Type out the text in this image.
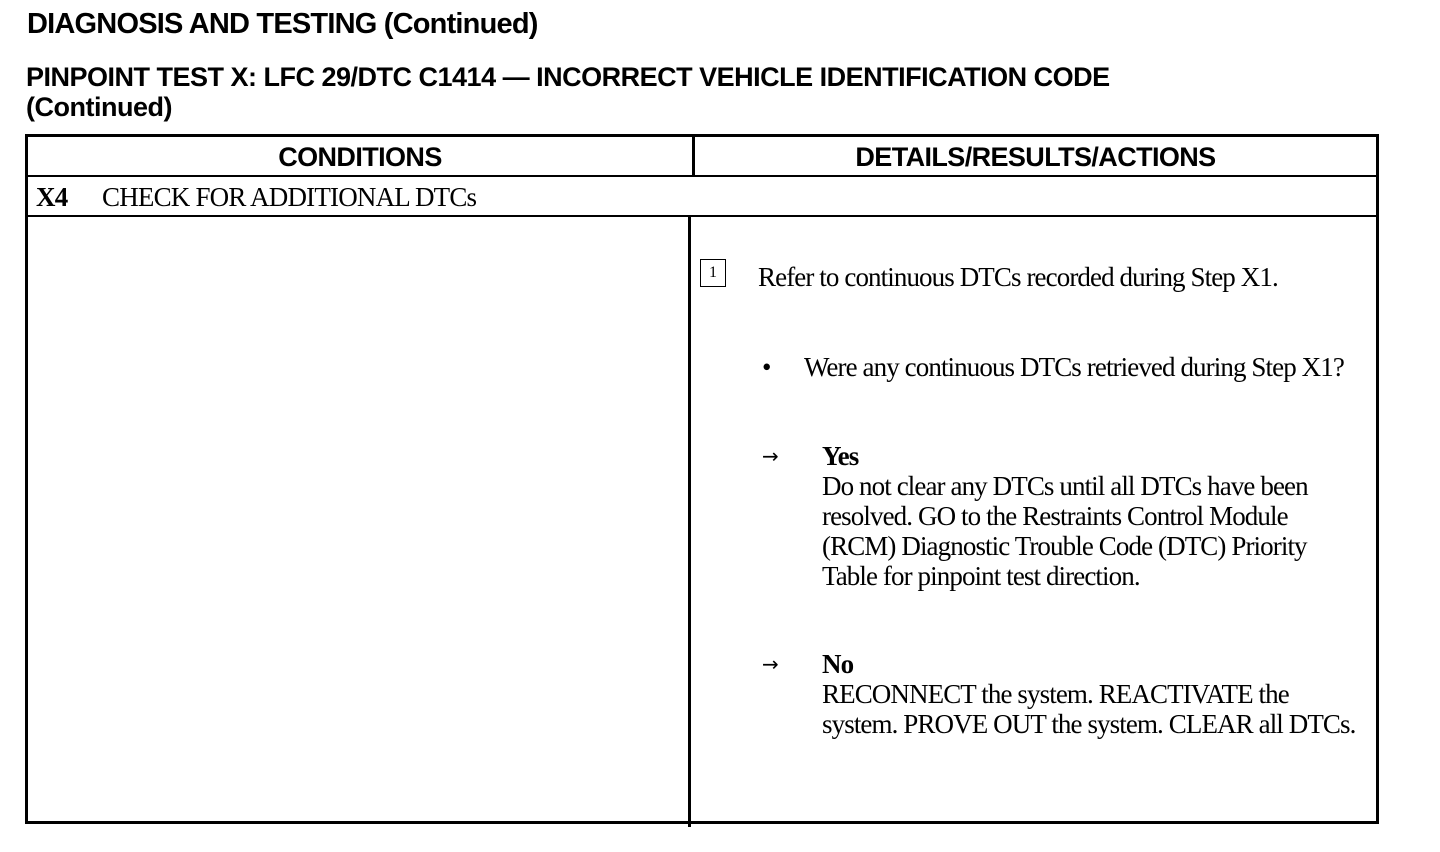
DIAGNOSIS AND TESTING (Continued)
PINPOINT TEST X: LFC 29/DTC C1414 — INCORRECT VEHICLE IDENTIFICATION CODE
(Continued)
CONDITIONS	DETAILS/RESULTS/ACTIONS
X4 CHECK FOR ADDITIONAL DTCs
1	Refer to continuous DTCs recorded during Step X1.
• Were any continuous DTCs retrieved during Step X1?
→ Yes
Do not clear any DTCs until all DTCs have been resolved. GO to the Restraints Control Module (RCM) Diagnostic Trouble Code (DTC) Priority Table for pinpoint test direction.
→ No
RECONNECT the system. REACTIVATE the system. PROVE OUT the system. CLEAR all DTCs.
